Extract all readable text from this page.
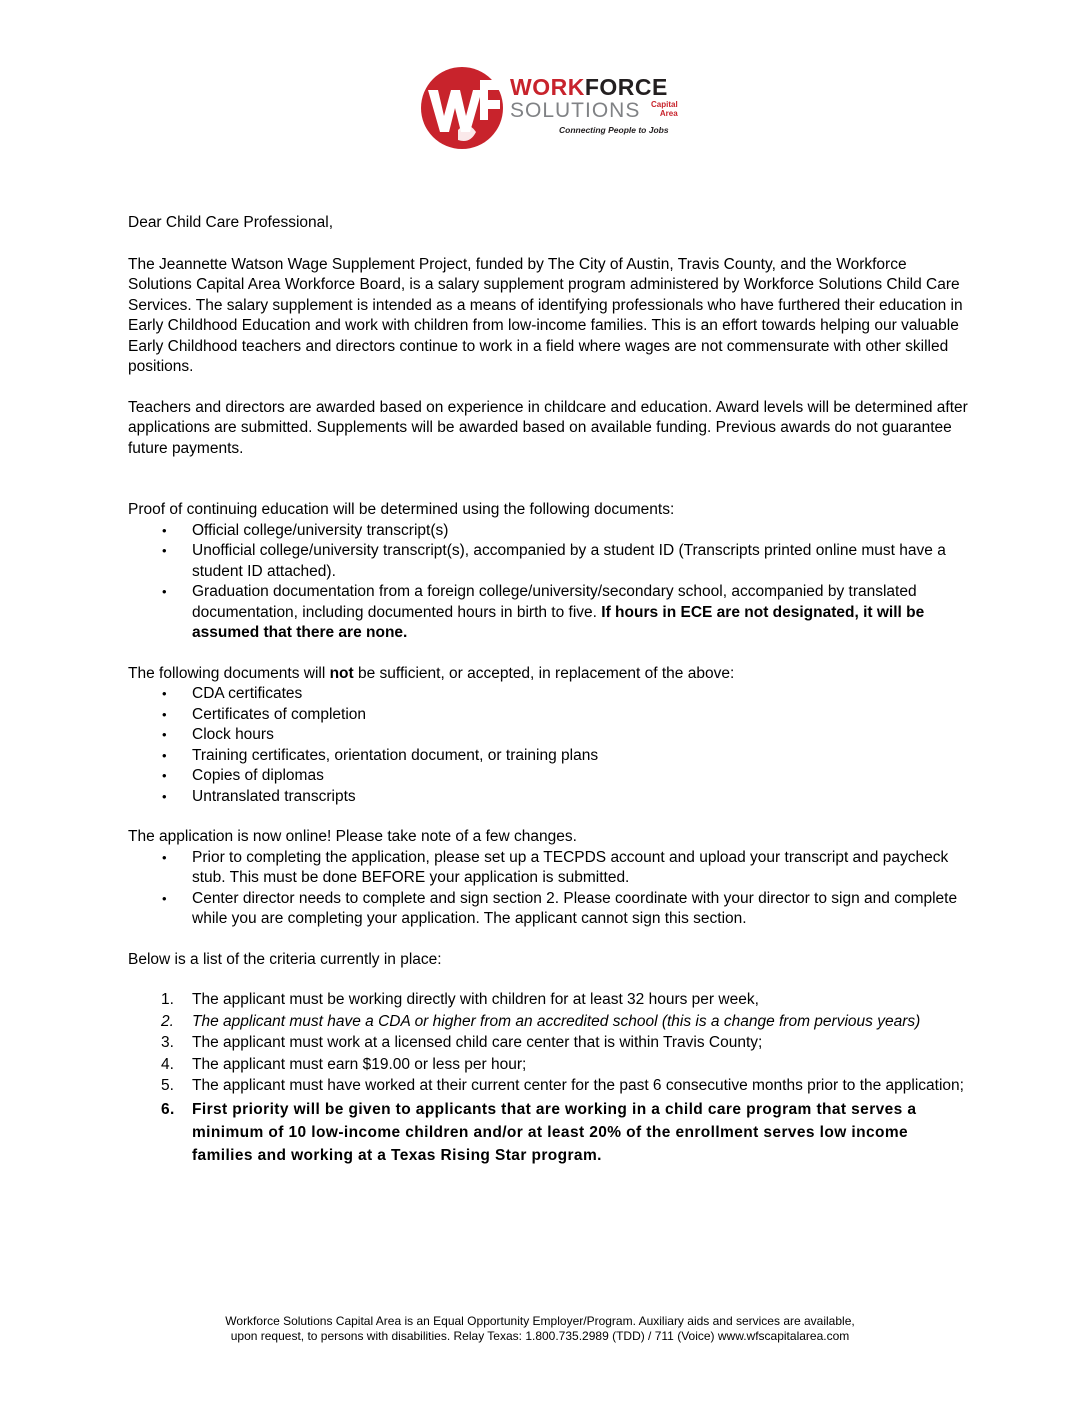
WORKFORCE
SOLUTIONS Capital
Area
Connecting People to Jobs

Dear Child Care Professional,

The Jeannette Watson Wage Supplement Project, funded by The City of Austin, Travis County, and the Workforce Solutions Capital Area Workforce Board, is a salary supplement program administered by Workforce Solutions Child Care Services. The salary supplement is intended as a means of identifying professionals who have furthered their education in Early Childhood Education and work with children from low-income families. This is an effort towards helping our valuable Early Childhood teachers and directors continue to work in a field where wages are not commensurate with other skilled positions.

Teachers and directors are awarded based on experience in childcare and education. Award levels will be determined after applications are submitted. Supplements will be awarded based on available funding. Previous awards do not guarantee future payments.

Proof of continuing education will be determined using the following documents:

• Official college/university transcript(s)
• Unofficial college/university transcript(s), accompanied by a student ID (Transcripts printed online must have a student ID attached).
• Graduation documentation from a foreign college/university/secondary school, accompanied by translated documentation, including documented hours in birth to five. If hours in ECE are not designated, it will be assumed that there are none.

The following documents will not be sufficient, or accepted, in replacement of the above:

• CDA certificates
• Certificates of completion
• Clock hours
• Training certificates, orientation document, or training plans
• Copies of diplomas
• Untranslated transcripts

The application is now online! Please take note of a few changes.

• Prior to completing the application, please set up a TECPDS account and upload your transcript and paycheck stub. This must be done BEFORE your application is submitted.
• Center director needs to complete and sign section 2. Please coordinate with your director to sign and complete while you are completing your application. The applicant cannot sign this section.

Below is a list of the criteria currently in place:

1. The applicant must be working directly with children for at least 32 hours per week,
2. The applicant must have a CDA or higher from an accredited school (this is a change from pervious years)
3. The applicant must work at a licensed child care center that is within Travis County;
4. The applicant must earn $19.00 or less per hour;
5. The applicant must have worked at their current center for the past 6 consecutive months prior to the application;
6. First priority will be given to applicants that are working in a child care program that serves a minimum of 10 low-income children and/or at least 20% of the enrollment serves low income families and working at a Texas Rising Star program.
Workforce Solutions Capital Area is an Equal Opportunity Employer/Program. Auxiliary aids and services are available,
upon request, to persons with disabilities. Relay Texas: 1.800.735.2989 (TDD) / 711 (Voice) www.wfscapitalarea.com
